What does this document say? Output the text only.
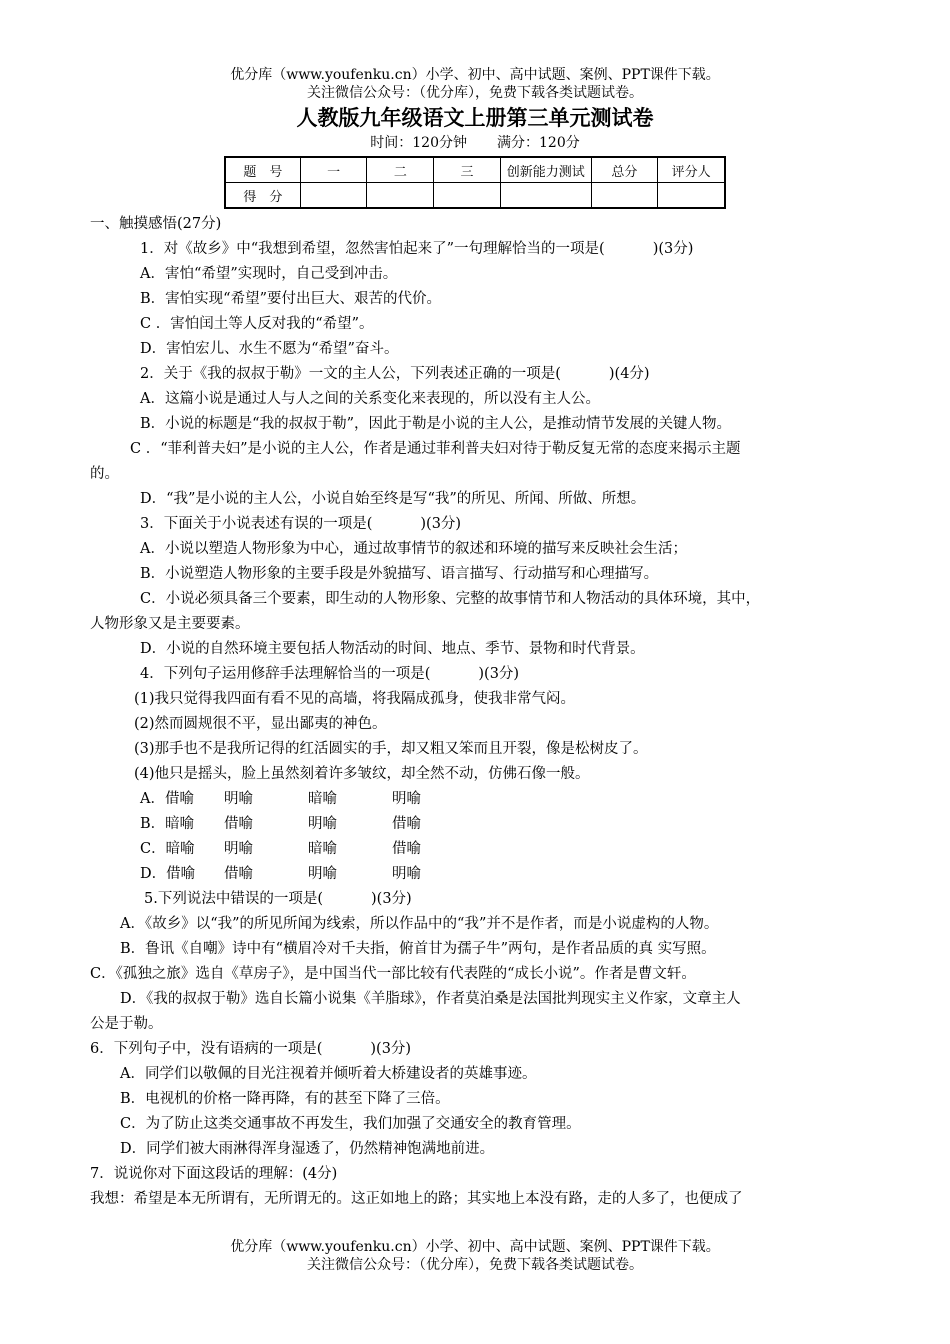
优分库（www.youfenku.cn）小学、初中、高中试题、案例、PPT课件下载。
关注微信公众号：（优分库），免费下载各类试题试卷。
人教版九年级语文上册第三单元测试卷
时间：120分钟 满分：120分
题　号	一	二	三	创新能力测试	总分	评分人
得　分						

一、触摸感悟(27分)

1．对《故乡》中“我想到希望，忽然害怕起来了”一句理解恰当的一项是(	)(3分)

A．害怕“希望”实现时，自己受到冲击。

B．害怕实现“希望”要付出巨大、艰苦的代价。

C ．害怕闰土等人反对我的“希望”。

D．害怕宏儿、水生不愿为“希望”奋斗。

2．关于《我的叔叔于勒》一文的主人公，下列表述正确的一项是(	)(4分)

A．这篇小说是通过人与人之间的关系变化来表现的，所以没有主人公。

B．小说的标题是“我的叔叔于勒”，因此于勒是小说的主人公，是推动情节发展的关键人物。

C ．“菲利普夫妇”是小说的主人公，作者是通过菲利普夫妇对待于勒反复无常的态度来揭示主题

的。

D．“我”是小说的主人公，小说自始至终是写“我”的所见、所闻、所做、所想。

3．下面关于小说表述有误的一项是(	)(3分)

A．小说以塑造人物形象为中心，通过故事情节的叙述和环境的描写来反映社会生活；

B．小说塑造人物形象的主要手段是外貌描写、语言描写、行动描写和心理描写。

C．小说必须具备三个要素，即生动的人物形象、完整的故事情节和人物活动的具体环境，其中，

人物形象又是主要要素。

D．小说的自然环境主要包括人物活动的时间、地点、季节、景物和时代背景。

4．下列句子运用修辞手法理解恰当的一项是(	)(3分)

(1)我只觉得我四面有看不见的高墙，将我隔成孤身，使我非常气闷。

(2)然而圆规很不平，显出鄙夷的神色。

(3)那手也不是我所记得的红活圆实的手，却又粗又笨而且开裂，像是松树皮了。

(4)他只是摇头，脸上虽然刻着许多皱纹，却全然不动，仿佛石像一般。

A．借喻 明喻	暗喻	明喻

B．暗喻 借喻	明喻	借喻

C．暗喻 明喻	暗喻	借喻

D．借喻 借喻	明喻	明喻

5.下列说法中错误的一项是(	)(3分)

A．《故乡》以“我”的所见所闻为线索，所以作品中的“我”并不是作者，而是小说虚构的人物。

B．鲁讯《自嘲》诗中有“横眉冷对千夫指，俯首甘为孺子牛”两句，是作者品质的真 实写照。

C．《孤独之旅》选自《草房子》，是中国当代一部比较有代表陛的“成长小说”。作者是曹文轩。

D．《我的叔叔于勒》选自长篇小说集《羊脂球》，作者莫泊桑是法国批判现实主义作家，文章主人

公是于勒。

6．下列句子中，没有语病的一项是(	)(3分)

A．同学们以敬佩的目光注视着并倾听着大桥建设者的英雄事迹。

B．电视机的价格一降再降，有的甚至下降了三倍。

C．为了防止这类交通事故不再发生，我们加强了交通安全的教育管理。

D．同学们被大雨淋得浑身湿透了，仍然精神饱满地前进。

7．说说你对下面这段话的理解：(4分)

我想：希望是本无所谓有，无所谓无的。这正如地上的路；其实地上本没有路，走的人多了，也便成了

优分库（www.youfenku.cn）小学、初中、高中试题、案例、PPT课件下载。
关注微信公众号：（优分库），免费下载各类试题试卷。
